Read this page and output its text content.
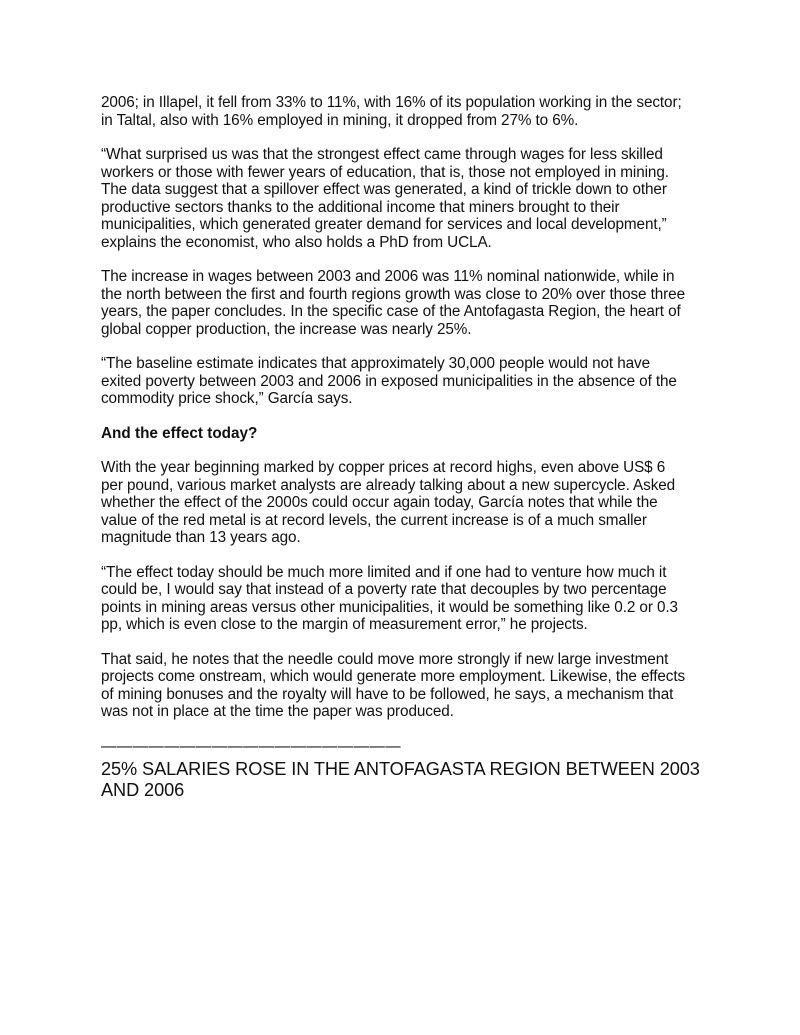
2006; in Illapel, it fell from 33% to 11%, with 16% of its population working in the sector;
in Taltal, also with 16% employed in mining, it dropped from 27% to 6%.

“What surprised us was that the strongest effect came through wages for less skilled
workers or those with fewer years of education, that is, those not employed in mining.
The data suggest that a spillover effect was generated, a kind of trickle down to other
productive sectors thanks to the additional income that miners brought to their
municipalities, which generated greater demand for services and local development,”
explains the economist, who also holds a PhD from UCLA.

The increase in wages between 2003 and 2006 was 11% nominal nationwide, while in
the north between the first and fourth regions growth was close to 20% over those three
years, the paper concludes. In the specific case of the Antofagasta Region, the heart of
global copper production, the increase was nearly 25%.

“The baseline estimate indicates that approximately 30,000 people would not have
exited poverty between 2003 and 2006 in exposed municipalities in the absence of the
commodity price shock,” García says.

And the effect today?

With the year beginning marked by copper prices at record highs, even above US$ 6
per pound, various market analysts are already talking about a new supercycle. Asked
whether the effect of the 2000s could occur again today, García notes that while the
value of the red metal is at record levels, the current increase is of a much smaller
magnitude than 13 years ago.

“The effect today should be much more limited and if one had to venture how much it
could be, I would say that instead of a poverty rate that decouples by two percentage
points in mining areas versus other municipalities, it would be something like 0.2 or 0.3
pp, which is even close to the margin of measurement error,” he projects.

That said, he notes that the needle could move more strongly if new large investment
projects come onstream, which would generate more employment. Likewise, the effects
of mining bonuses and the royalty will have to be followed, he says, a mechanism that
was not in place at the time the paper was produced.

———————————————————
25% SALARIES ROSE IN THE ANTOFAGASTA REGION BETWEEN 2003
AND 2006
